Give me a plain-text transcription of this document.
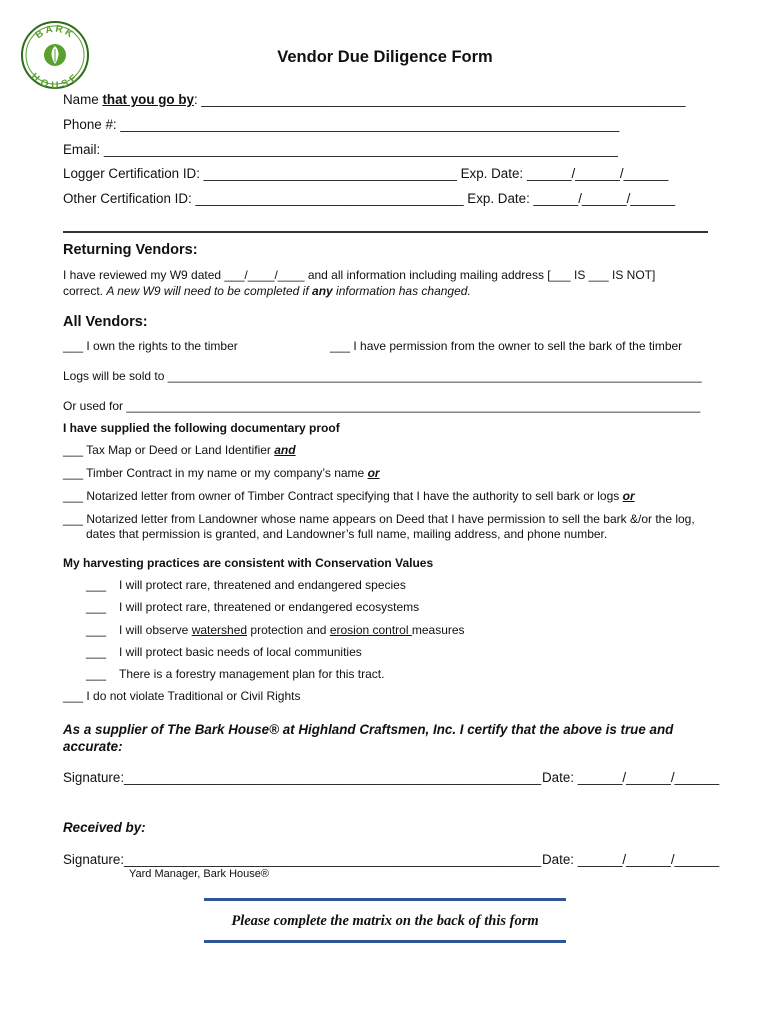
BARK
HOUSE
Vendor Due Diligence Form
Name that you go by: _________________________________________________________________
Phone #: ___________________________________________________________________
Email: _____________________________________________________________________
Logger Certification ID: __________________________________ Exp. Date: ______/______/______
Other Certification ID: ____________________________________ Exp. Date: ______/______/______
Returning Vendors:
I have reviewed my W9 dated ___/____/____ and all information including mailing address [___ IS ___ IS NOT]
correct. A new W9 will need to be completed if any information has changed.
All Vendors:
___ I own the rights to the timber	___ I have permission from the owner to sell the bark of the timber
Logs will be sold to ________________________________________________________________________________
Or used for ______________________________________________________________________________________
I have supplied the following documentary proof
___ Tax Map or Deed or Land Identifier and
___ Timber Contract in my name or my company’s name or
___ Notarized letter from owner of Timber Contract specifying that I have the authority to sell bark or logs or
___ Notarized letter from Landowner whose name appears on Deed that I have permission to sell the bark &/or the log,
dates that permission is granted, and Landowner’s full name, mailing address, and phone number.
My harvesting practices are consistent with Conservation Values
___ I will protect rare, threatened and endangered species
___ I will protect rare, threatened or endangered ecosystems
___ I will observe watershed protection and erosion control measures
___ I will protect basic needs of local communities
___ There is a forestry management plan for this tract.
___ I do not violate Traditional or Civil Rights
As a supplier of The Bark House® at Highland Craftsmen, Inc. I certify that the above is true and
accurate:
Signature:________________________________________________________ Date: ______/______/______
Received by:
Signature:________________________________________________________ Date: ______/______/______
Yard Manager, Bark House®
Please complete the matrix on the back of this form
